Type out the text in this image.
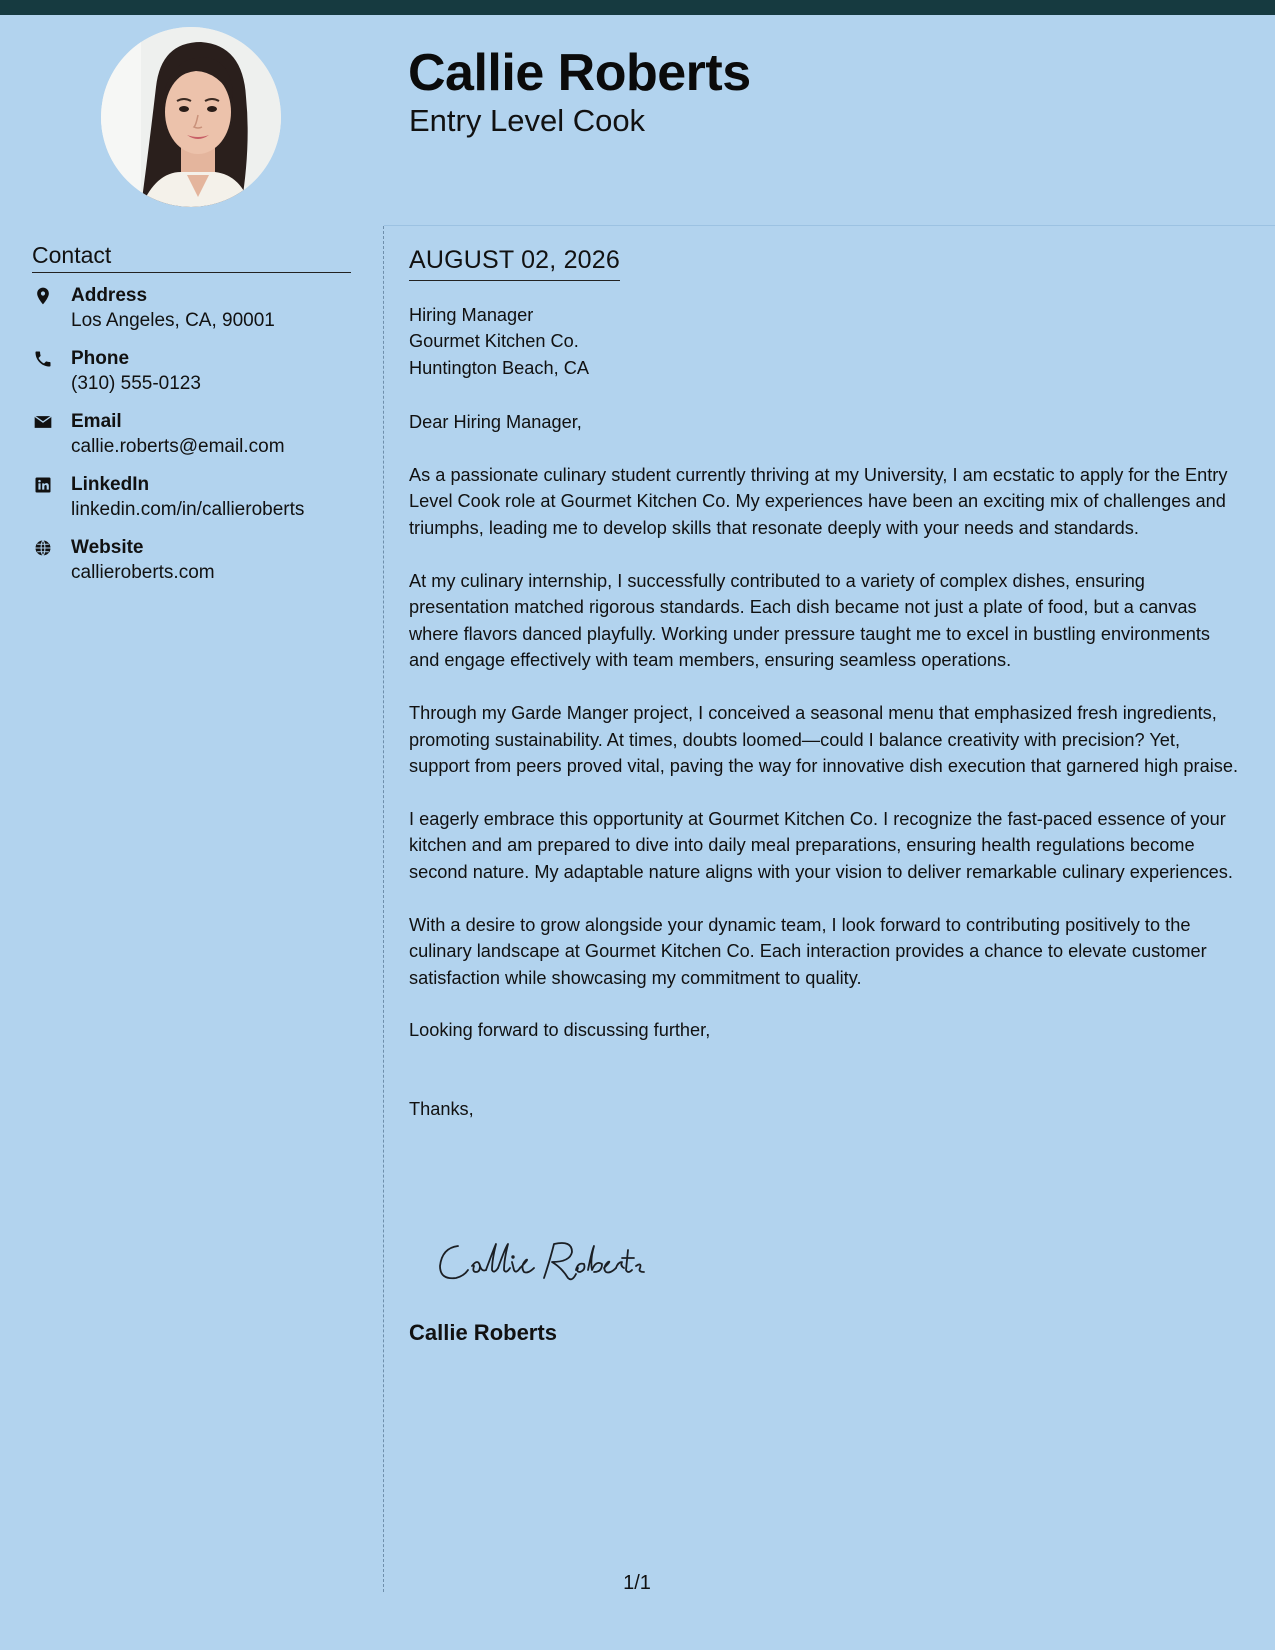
Callie Roberts
Entry Level Cook
Contact
Address
Los Angeles, CA, 90001
Phone
(310) 555-0123
Email
callie.roberts@email.com
LinkedIn
linkedin.com/in/callieroberts
Website
callieroberts.com
AUGUST 02, 2026
Hiring Manager
Gourmet Kitchen Co.
Huntington Beach, CA
Dear Hiring Manager,
As a passionate culinary student currently thriving at my University, I am ecstatic to apply for the Entry Level Cook role at Gourmet Kitchen Co. My experiences have been an exciting mix of challenges and triumphs, leading me to develop skills that resonate deeply with your needs and standards.
At my culinary internship, I successfully contributed to a variety of complex dishes, ensuring presentation matched rigorous standards. Each dish became not just a plate of food, but a canvas where flavors danced playfully. Working under pressure taught me to excel in bustling environments and engage effectively with team members, ensuring seamless operations.
Through my Garde Manger project, I conceived a seasonal menu that emphasized fresh ingredients, promoting sustainability. At times, doubts loomed—could I balance creativity with precision? Yet, support from peers proved vital, paving the way for innovative dish execution that garnered high praise.
I eagerly embrace this opportunity at Gourmet Kitchen Co. I recognize the fast-paced essence of your kitchen and am prepared to dive into daily meal preparations, ensuring health regulations become second nature. My adaptable nature aligns with your vision to deliver remarkable culinary experiences.
With a desire to grow alongside your dynamic team, I look forward to contributing positively to the culinary landscape at Gourmet Kitchen Co. Each interaction provides a chance to elevate customer satisfaction while showcasing my commitment to quality.
Looking forward to discussing further,
Thanks,
Callie Roberts
1/1
